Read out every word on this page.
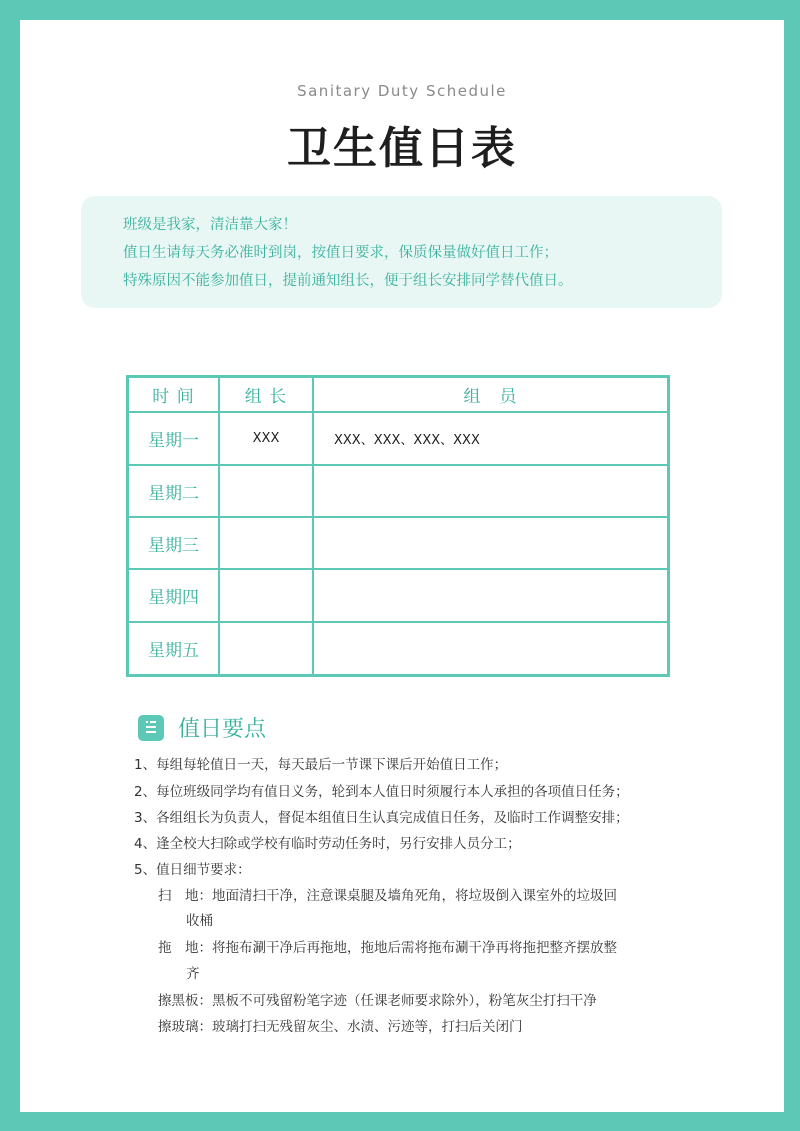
Sanitary Duty Schedule
卫生值日表
班级是我家，清洁靠大家！
值日生请每天务必准时到岗，按值日要求，保质保量做好值日工作；
特殊原因不能参加值日，提前通知组长，便于组长安排同学替代值日。
时 间	组 长	组　员
星期一	XXX	XXX、XXX、XXX、XXX
星期二
星期三
星期四
星期五
值日要点
1、每组每轮值日一天，每天最后一节课下课后开始值日工作；
2、每位班级同学均有值日义务，轮到本人值日时须履行本人承担的各项值日任务；
3、各组组长为负责人，督促本组值日生认真完成值日任务，及临时工作调整安排；
4、逢全校大扫除或学校有临时劳动任务时，另行安排人员分工；
5、值日细节要求：
扫　地：地面清扫干净，注意课桌腿及墙角死角，将垃圾倒入课室外的垃圾回
收桶
拖　地：将拖布涮干净后再拖地，拖地后需将拖布涮干净再将拖把整齐摆放整
齐
擦黑板：黑板不可残留粉笔字迹（任课老师要求除外），粉笔灰尘打扫干净
擦玻璃：玻璃打扫无残留灰尘、水渍、污迹等，打扫后关闭门
